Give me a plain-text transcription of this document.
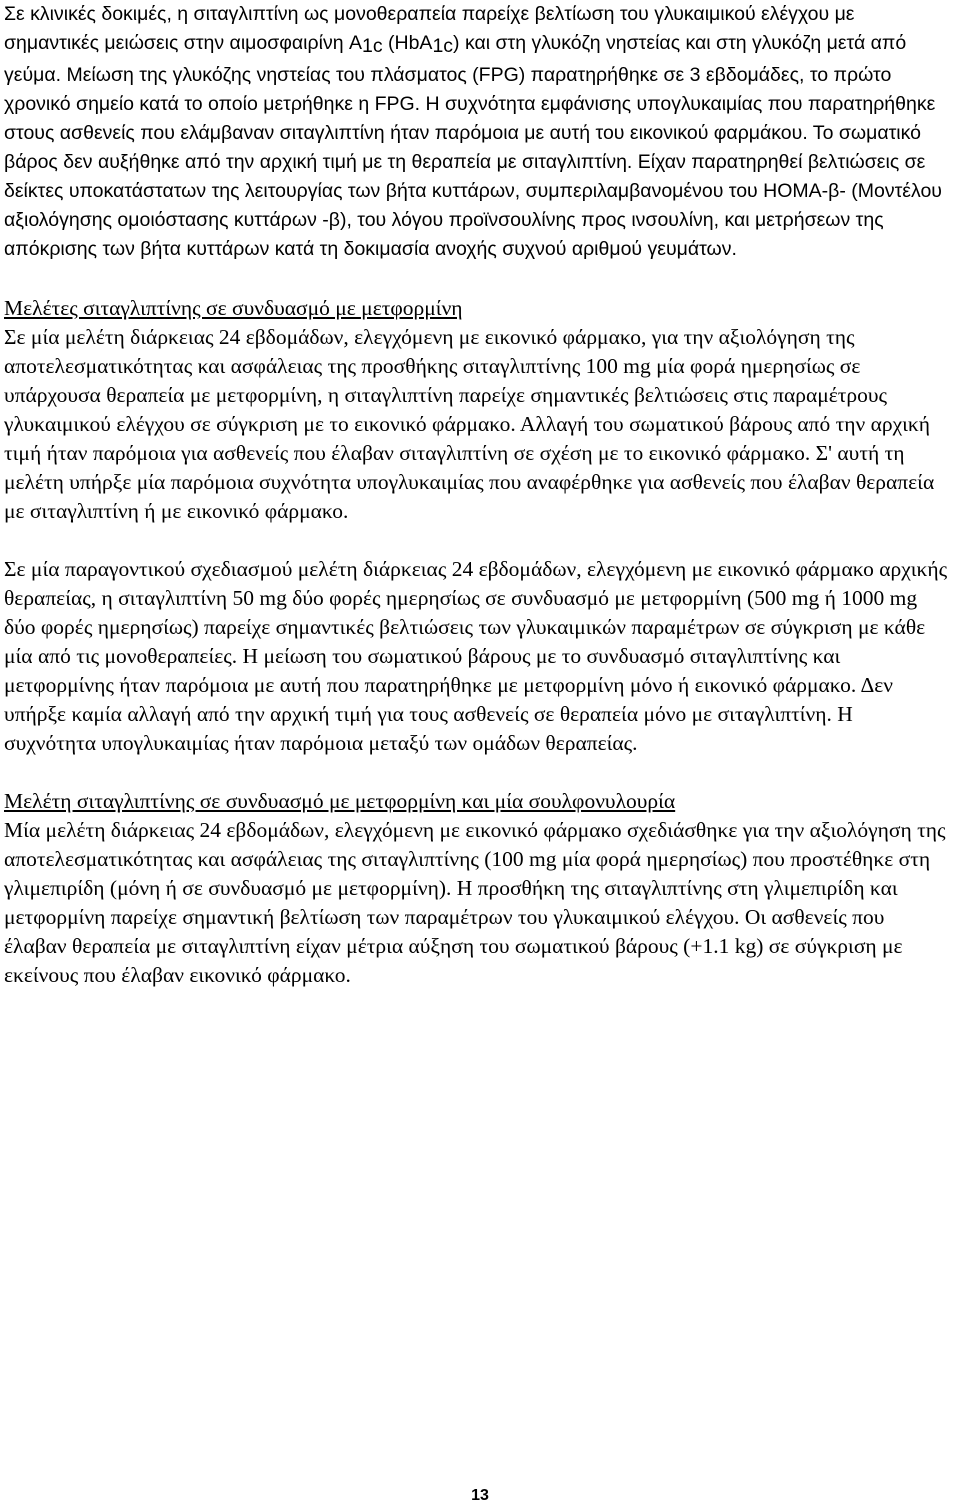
Σε κλινικές δοκιμές, η σιταγλιπτίνη ως μονοθεραπεία παρείχε βελτίωση του γλυκαιμικού ελέγχου με σημαντικές μειώσεις στην αιμοσφαιρίνη $A_{1c}$ (HbA$_{1c}$) και στη γλυκόζη νηστείας και στη γλυκόζη μετά από γεύμα. Μείωση της γλυκόζης νηστείας του πλάσματος (FPG) παρατηρήθηκε σε 3 εβδομάδες, το πρώτο χρονικό σημείο κατά το οποίο μετρήθηκε η FPG. Η συχνότητα εμφάνισης υπογλυκαιμίας που παρατηρήθηκε στους ασθενείς που ελάμβαναν σιταγλιπτίνη ήταν παρόμοια με αυτή του εικονικού φαρμάκου. Το σωματικό βάρος δεν αυξήθηκε από την αρχική τιμή με τη θεραπεία με σιταγλιπτίνη. Είχαν παρατηρηθεί βελτιώσεις σε δείκτες υποκατάστατων της λειτουργίας των βήτα κυττάρων, συμπεριλαμβανομένου του HOMA-β- (Μοντέλου αξιολόγησης ομοιόστασης κυττάρων -β), του λόγου προϊνσουλίνης προς ινσουλίνη, και μετρήσεων της απόκρισης των βήτα κυττάρων κατά τη δοκιμασία ανοχής συχνού αριθμού γευμάτων.

Μελέτες σιταγλιπτίνης σε συνδυασμό με μετφορμίνη

Σε μία μελέτη διάρκειας 24 εβδομάδων, ελεγχόμενη με εικονικό φάρμακο, για την αξιολόγηση της αποτελεσματικότητας και ασφάλειας της προσθήκης σιταγλιπτίνης 100 mg μία φορά ημερησίως σε υπάρχουσα θεραπεία με μετφορμίνη, η σιταγλιπτίνη παρείχε σημαντικές βελτιώσεις στις παραμέτρους γλυκαιμικού ελέγχου σε σύγκριση με το εικονικό φάρμακο. Αλλαγή του σωματικού βάρους από την αρχική τιμή ήταν παρόμοια για ασθενείς που έλαβαν σιταγλιπτίνη σε σχέση με το εικονικό φάρμακο. Σ' αυτή τη μελέτη υπήρξε μία παρόμοια συχνότητα υπογλυκαιμίας που αναφέρθηκε για ασθενείς που έλαβαν θεραπεία με σιταγλιπτίνη ή με εικονικό φάρμακο.

Σε μία παραγοντικού σχεδιασμού μελέτη διάρκειας 24 εβδομάδων, ελεγχόμενη με εικονικό φάρμακο αρχικής θεραπείας, η σιταγλιπτίνη 50 mg δύο φορές ημερησίως σε συνδυασμό με μετφορμίνη (500 mg ή 1000 mg δύο φορές ημερησίως) παρείχε σημαντικές βελτιώσεις των γλυκαιμικών παραμέτρων σε σύγκριση με κάθε μία από τις μονοθεραπείες. Η μείωση του σωματικού βάρους με το συνδυασμό σιταγλιπτίνης και μετφορμίνης ήταν παρόμοια με αυτή που παρατηρήθηκε με μετφορμίνη μόνο ή εικονικό φάρμακο. Δεν υπήρξε καμία αλλαγή από την αρχική τιμή για τους ασθενείς σε θεραπεία μόνο με σιταγλιπτίνη. Η συχνότητα υπογλυκαιμίας ήταν παρόμοια μεταξύ των ομάδων θεραπείας.

Μελέτη σιταγλιπτίνης σε συνδυασμό με μετφορμίνη και μία σουλφονυλουρία

Μία μελέτη διάρκειας 24 εβδομάδων, ελεγχόμενη με εικονικό φάρμακο σχεδιάσθηκε για την αξιολόγηση της αποτελεσματικότητας και ασφάλειας της σιταγλιπτίνης (100 mg μία φορά ημερησίως) που προστέθηκε στη γλιμεπιρίδη (μόνη ή σε συνδυασμό με μετφορμίνη). Η προσθήκη της σιταγλιπτίνης στη γλιμεπιρίδη και μετφορμίνη παρείχε σημαντική βελτίωση των παραμέτρων του γλυκαιμικού ελέγχου. Οι ασθενείς που έλαβαν θεραπεία με σιταγλιπτίνη είχαν μέτρια αύξηση του σωματικού βάρους (+1.1 kg) σε σύγκριση με εκείνους που έλαβαν εικονικό φάρμακο.

13
